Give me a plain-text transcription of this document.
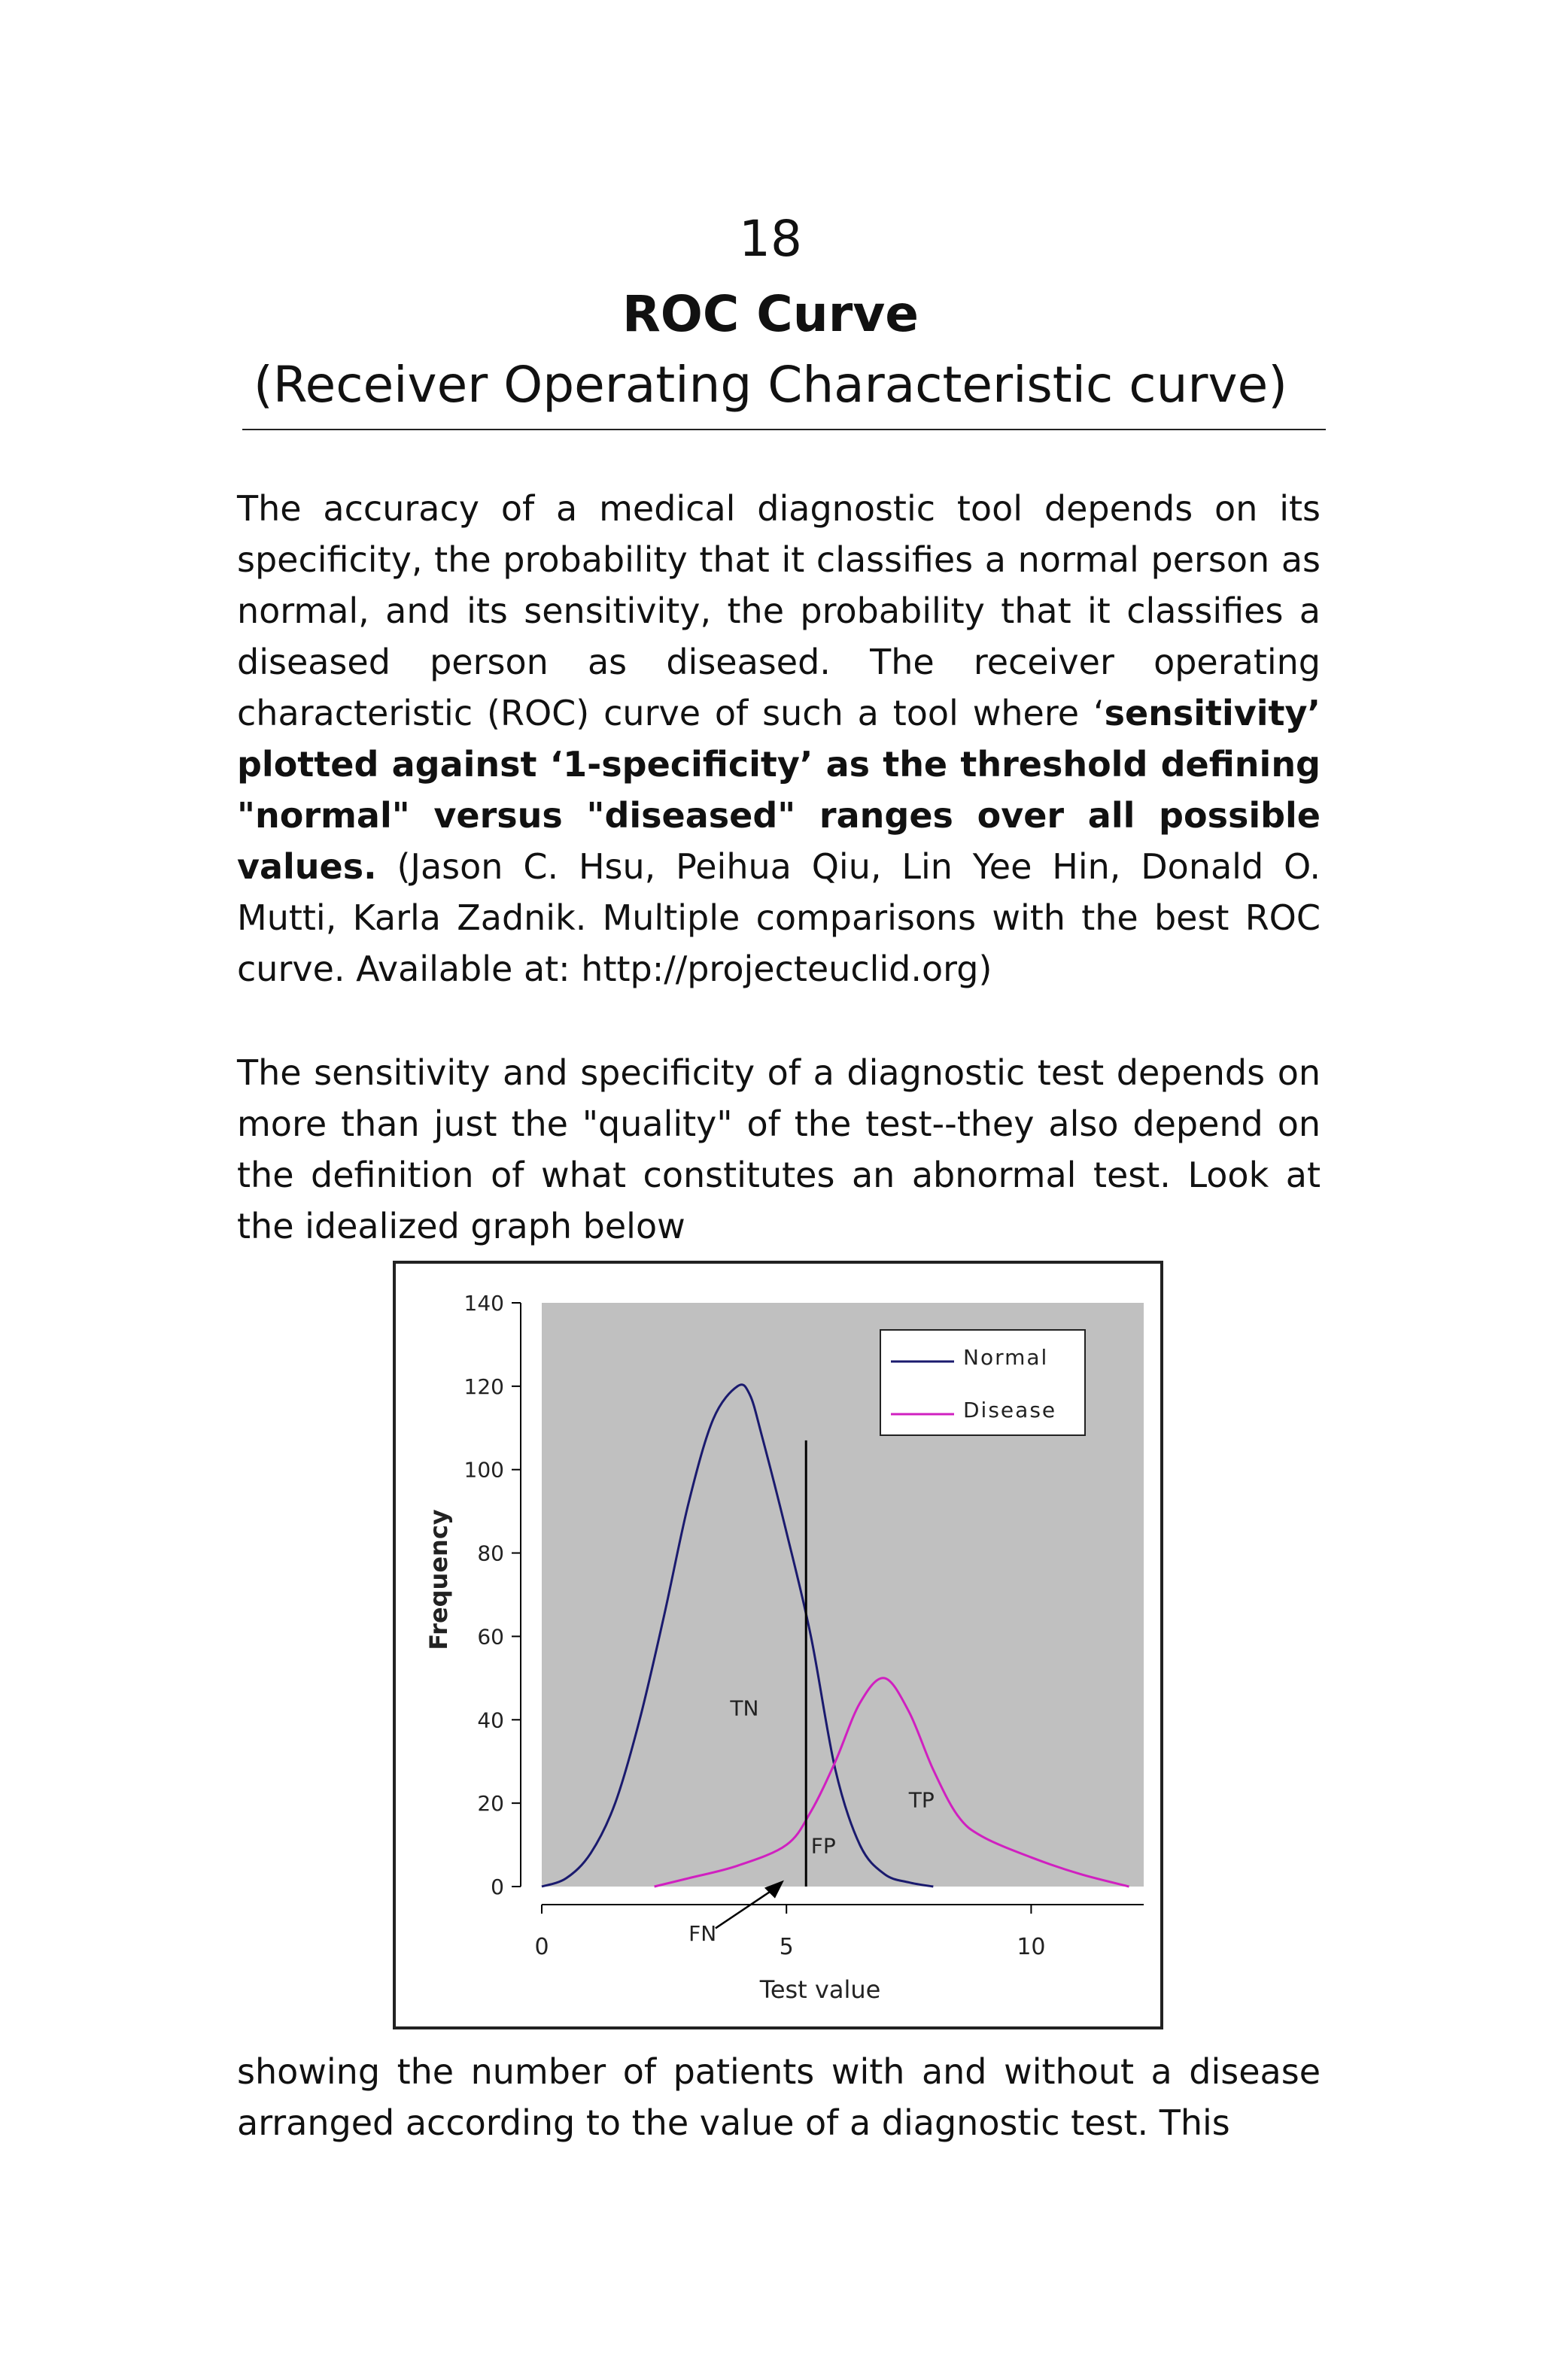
18
ROC Curve
(Receiver Operating Characteristic curve)

The accuracy of a medical diagnostic tool depends on its specificity, the probability that it classifies a normal person as normal, and its sensitivity, the probability that it classifies a diseased person as diseased. The receiver operating characteristic (ROC) curve of such a tool where ‘sensitivity’ plotted against ‘1-specificity’ as the threshold defining "normal" versus "diseased" ranges over all possible values. (Jason C. Hsu, Peihua Qiu, Lin Yee Hin, Donald O. Mutti, Karla Zadnik. Multiple comparisons with the best ROC curve. Available at: http://projecteuclid.org)

The sensitivity and specificity of a diagnostic test depends on more than just the "quality" of the test--they also depend on the definition of what constitutes an abnormal test. Look at the idealized graph below

0
20
40
60
80
100
120
140
0	5	10
Test value
Frequency
TN
TP
FP
FN
Normal
Disease

showing the number of patients with and without a disease arranged according to the value of a diagnostic test. This
